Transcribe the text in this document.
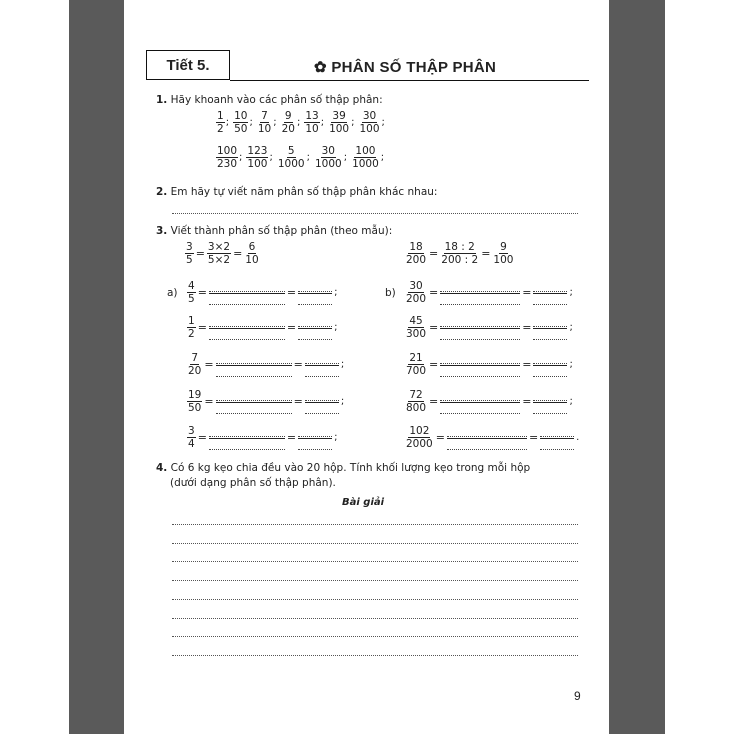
Tiết 5.	✿ PHÂN SỐ THẬP PHÂN
1. Hãy khoanh vào các phân số thập phân:
$\frac{1}{2}$ ; $\frac{10}{50}$ ; $\frac{7}{10}$ ; $\frac{9}{20}$ ; $\frac{13}{10}$ ; $\frac{39}{100}$ ; $\frac{30}{100}$ ;
$\frac{100}{230}$ ; $\frac{123}{100}$ ; $\frac{5}{1000}$ ; $\frac{30}{1000}$ ; $\frac{100}{1000}$ ;
2. Em hãy tự viết năm phân số thập phân khác nhau:
3. Viết thành phân số thập phân (theo mẫu):
$\frac{3}{5} = \frac{3\times 2}{5\times 2} = \frac{6}{10}$	$\frac{18}{200} = \frac{18 : 2}{200 : 2} = \frac{9}{100}$
$a) \frac{4}{5}$ =	=	;
$\frac{1}{2}$ =	=	;
$\frac{7}{20}$ =	=	;
$\frac{19}{50}$ =	=	;
$\frac{3}{4}$ =	=	;
$b) \frac{30}{200}$ =	=	;
$\frac{45}{300}$ =	=	;
$\frac{21}{700}$ =	=	;
$\frac{72}{800}$ =	=	;
$\frac{102}{2000}$ =	=	.
4. Có 6 kg kẹo chia đều vào 20 hộp. Tính khối lượng kẹo trong mỗi hộp
(dưới dạng phân số thập phân).
Bài giải
9
